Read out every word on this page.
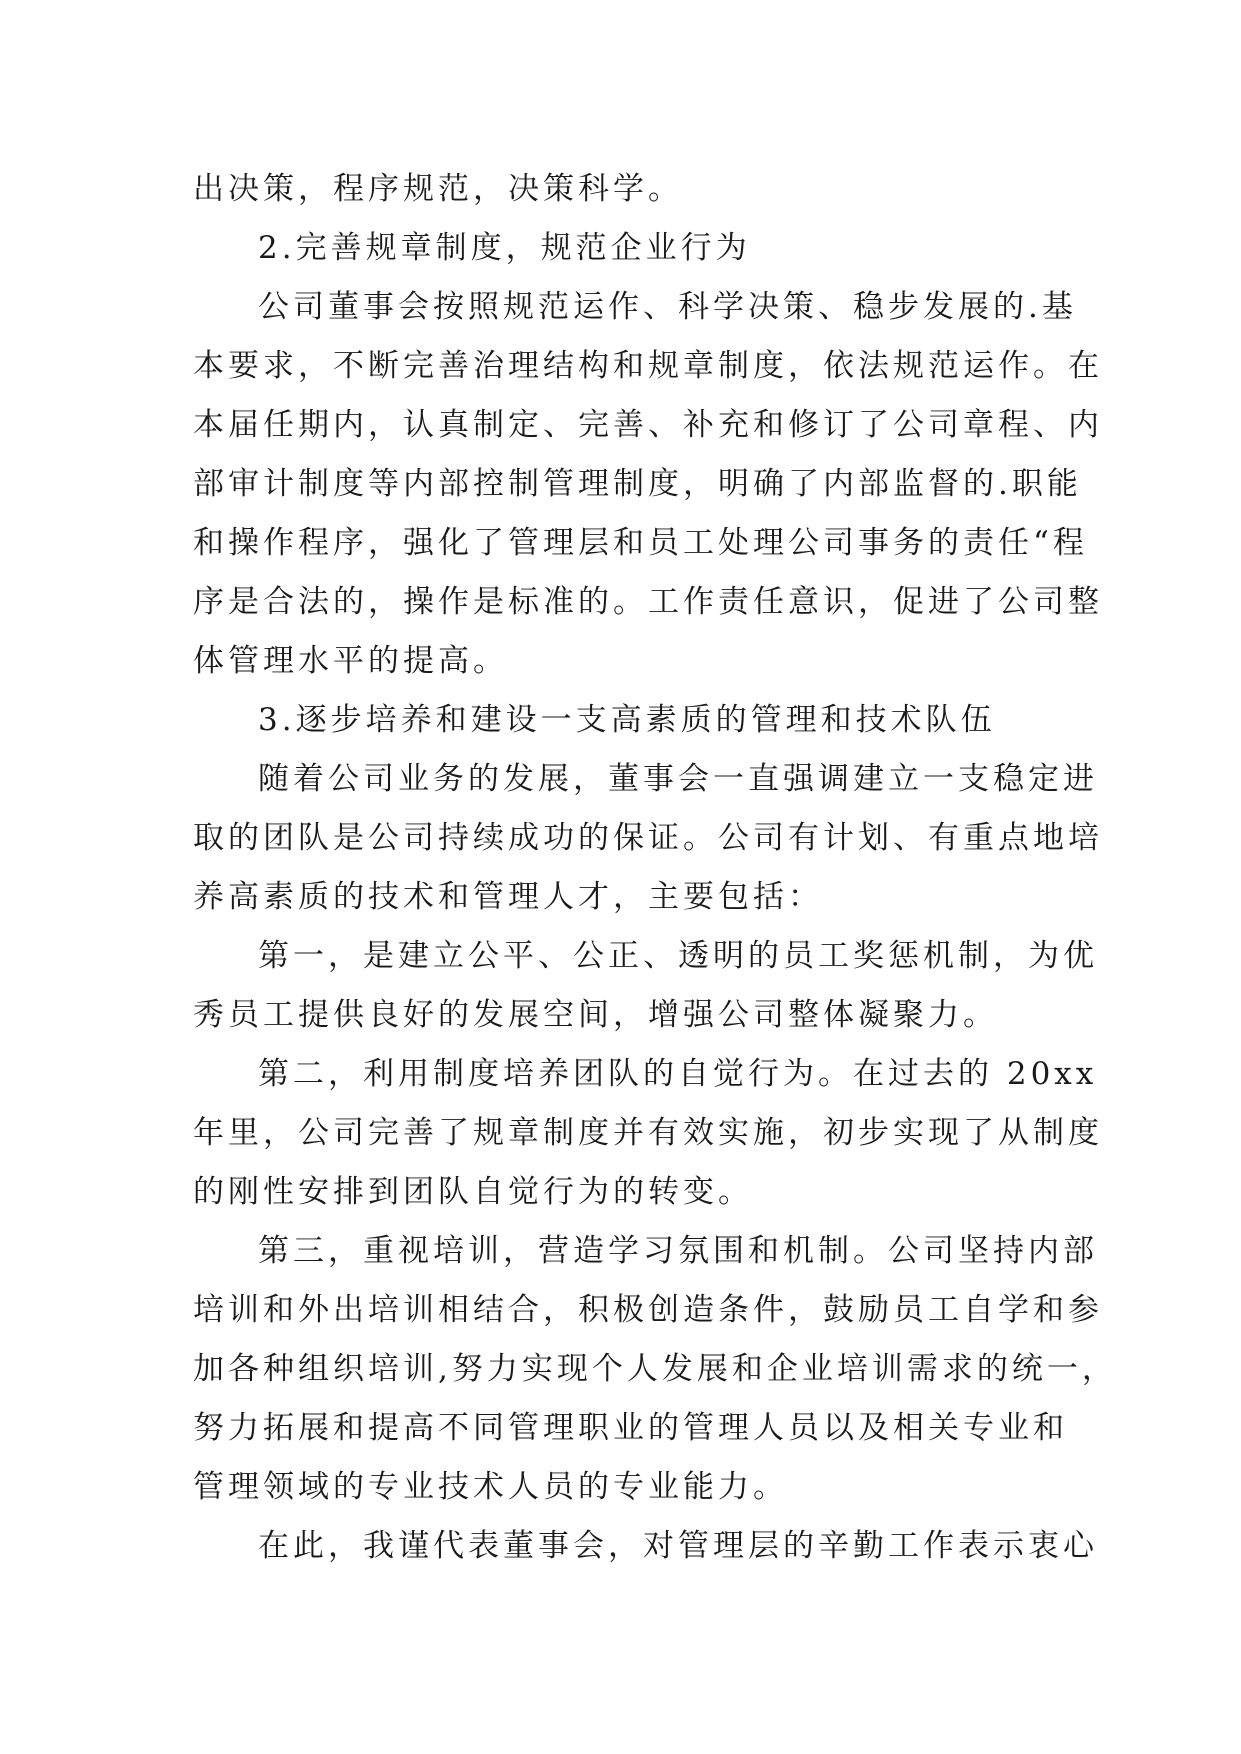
出决策，程序规范，决策科学。
2.完善规章制度，规范企业行为
公司董事会按照规范运作、科学决策、稳步发展的.基
本要求，不断完善治理结构和规章制度，依法规范运作。在
本届任期内，认真制定、完善、补充和修订了公司章程、内
部审计制度等内部控制管理制度，明确了内部监督的.职能
和操作程序，强化了管理层和员工处理公司事务的责任“程
序是合法的，操作是标准的。工作责任意识，促进了公司整
体管理水平的提高。
3.逐步培养和建设一支高素质的管理和技术队伍
随着公司业务的发展，董事会一直强调建立一支稳定进
取的团队是公司持续成功的保证。公司有计划、有重点地培
养高素质的技术和管理人才，主要包括：
第一，是建立公平、公正、透明的员工奖惩机制，为优
秀员工提供良好的发展空间，增强公司整体凝聚力。
第二，利用制度培养团队的自觉行为。在过去的 20xx
年里，公司完善了规章制度并有效实施，初步实现了从制度
的刚性安排到团队自觉行为的转变。
第三，重视培训，营造学习氛围和机制。公司坚持内部
培训和外出培训相结合，积极创造条件，鼓励员工自学和参
加各种组织培训,努力实现个人发展和企业培训需求的统一，
努力拓展和提高不同管理职业的管理人员以及相关专业和
管理领域的专业技术人员的专业能力。
在此，我谨代表董事会，对管理层的辛勤工作表示衷心
